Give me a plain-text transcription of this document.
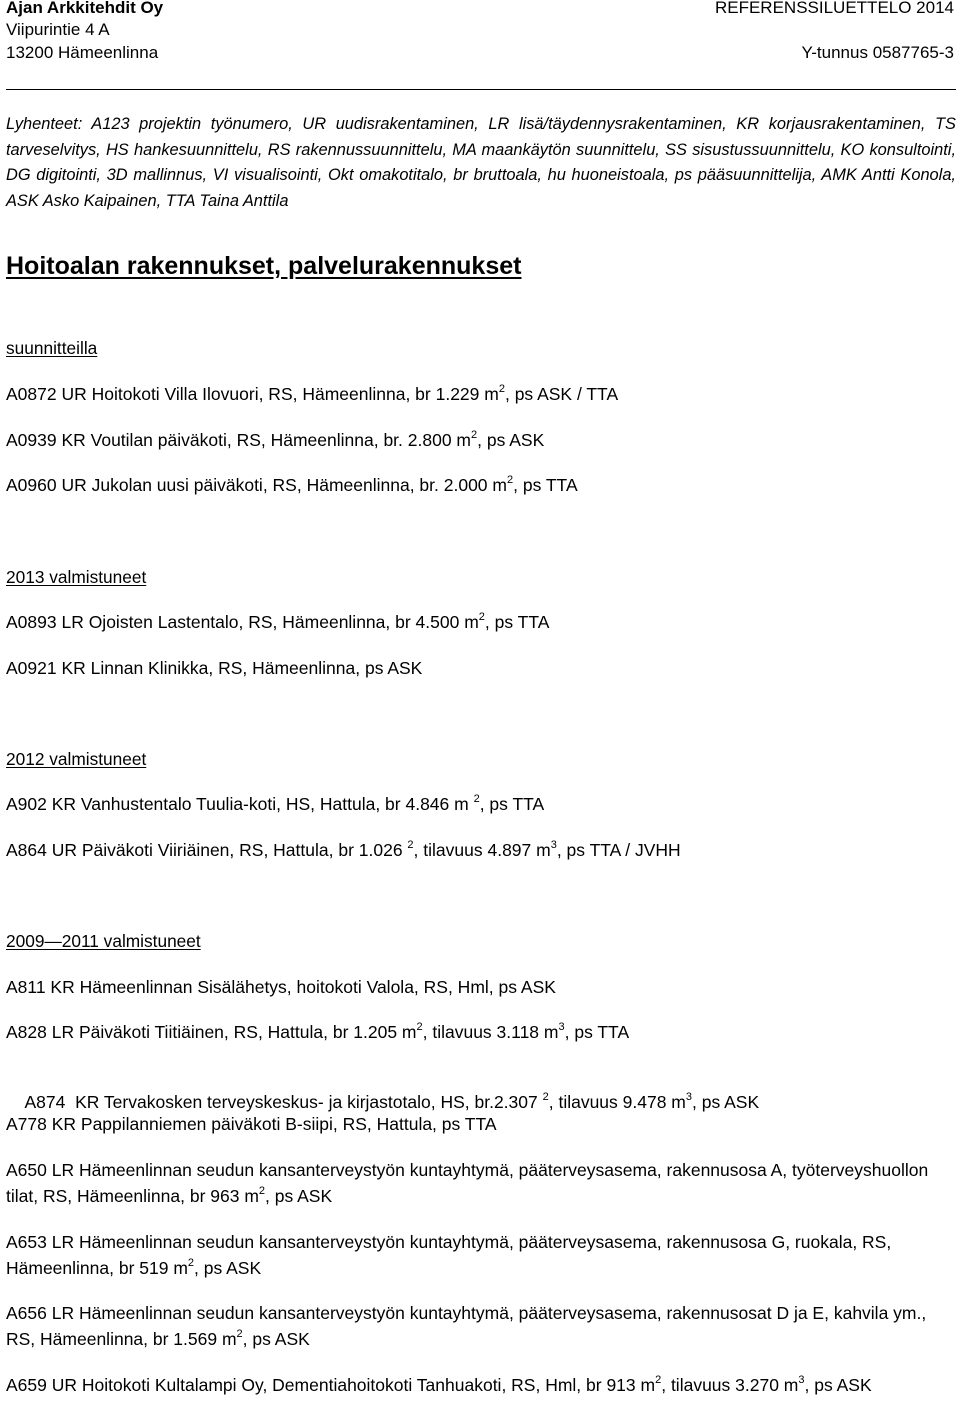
Ajan Arkkitehdit Oy
Viipurintie 4 A
13200 Hämeenlinna
REFERENSSILUETTELO 2014
Y-tunnus 0587765-3
Lyhenteet: A123 projektin työnumero, UR uudisrakentaminen, LR lisä/täydennysrakentaminen, KR korjausrakentaminen, TS tarveselvitys, HS hankesuunnittelu, RS rakennussuunnittelu, MA maankäytön suunnittelu, SS sisustussuunnittelu, KO konsultointi, DG digitointi, 3D mallinnus, VI visualisointi, Okt omakotitalo, br bruttoala, hu huoneistoala, ps pääsuunnittelija, AMK Antti Konola, ASK Asko Kaipainen, TTA Taina Anttila
Hoitoalan rakennukset, palvelurakennukset
suunnitteilla
A0872 UR Hoitokoti Villa Ilovuori, RS, Hämeenlinna, br 1.229 $m^2$, ps ASK / TTA
A0939 KR Voutilan päiväkoti, RS, Hämeenlinna, br. 2.800 $m^2$, ps ASK
A0960 UR Jukolan uusi päiväkoti, RS, Hämeenlinna, br. 2.000 $m^2$, ps TTA
2013 valmistuneet
A0893 LR Ojoisten Lastentalo, RS, Hämeenlinna, br 4.500 $m^2$, ps TTA
A0921 KR Linnan Klinikka, RS, Hämeenlinna, ps ASK
2012 valmistuneet
A902 KR Vanhustentalo Tuulia-koti, HS, Hattula, br 4.846 m $^2$, ps TTA
A864 UR Päiväkoti Viiriäinen, RS, Hattula, br 1.026 $^2$, tilavuus 4.897 $m^3$, ps TTA / JVHH
2009—2011 valmistuneet
A811 KR Hämeenlinnan Sisälähetys, hoitokoti Valola, RS, Hml, ps ASK
A828 LR Päiväkoti Tiitiäinen, RS, Hattula, br 1.205 $m^2$, tilavuus 3.118 $m^3$, ps TTA

A874  KR Tervakosken terveyskeskus- ja kirjastotalo, HS, br.2.307 $^2$, tilavuus 9.478 $m^3$, ps ASK

A778 KR Pappilanniemen päiväkoti B-siipi, RS, Hattula, ps TTA
A650 LR Hämeenlinnan seudun kansanterveystyön kuntayhtymä, pääterveysasema, rakennusosa A, työterveyshuollon tilat, RS, Hämeenlinna, br 963 $m^2$, ps ASK
A653 LR Hämeenlinnan seudun kansanterveystyön kuntayhtymä, pääterveysasema, rakennusosa G, ruokala, RS, Hämeenlinna, br 519 $m^2$, ps ASK
A656 LR Hämeenlinnan seudun kansanterveystyön kuntayhtymä, pääterveysasema, rakennusosat D ja E, kahvila ym., RS, Hämeenlinna, br 1.569 $m^2$, ps ASK
A659 UR Hoitokoti Kultalampi Oy, Dementiahoitokoti Tanhuakoti, RS, Hml, br 913 $m^2$, tilavuus 3.270 $m^3$, ps ASK
